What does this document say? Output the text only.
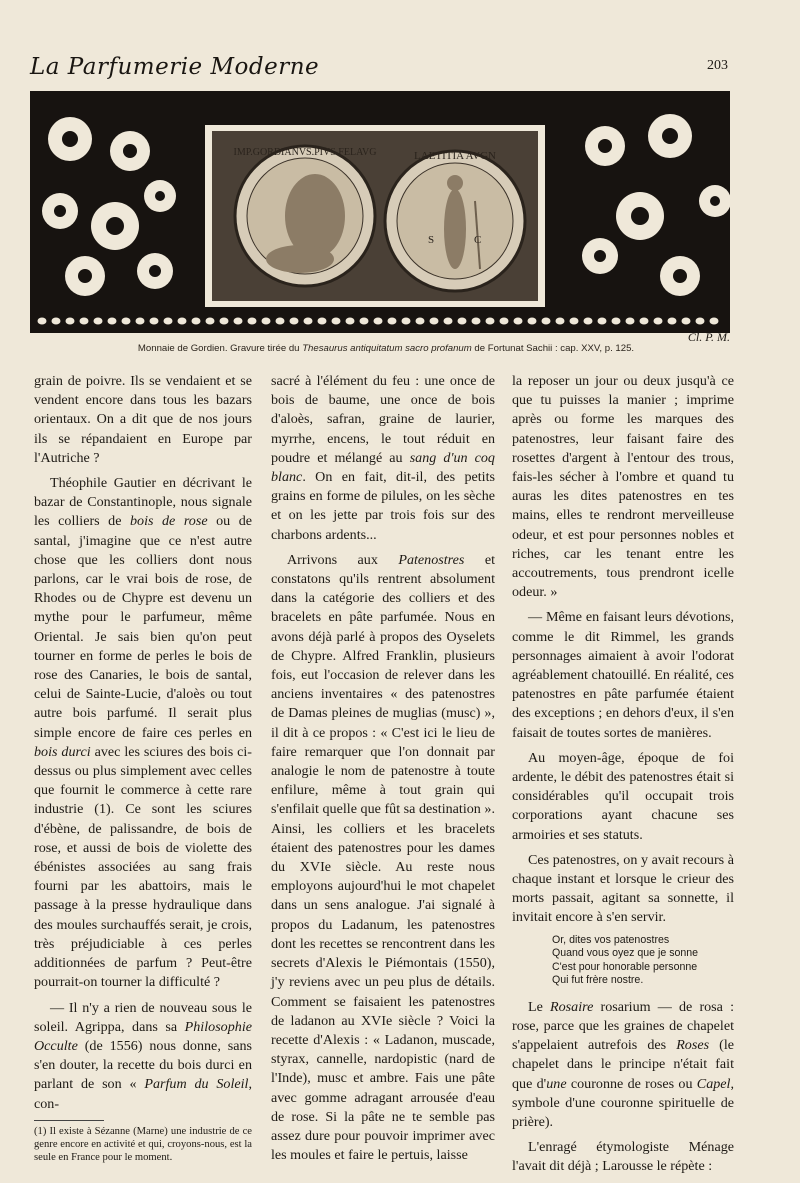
La Parfumerie Moderne	203
IMP.GORDIANVS.PIVS.FELAVG	LAETITIA AVGN
S	C
Cl. P. M.
Monnaie de Gordien. Gravure tirée du Thesaurus antiquitatum sacro profanum de Fortunat Sachii : cap. XXV, p. 125.

grain de poivre. Ils se vendaient et se vendent encore dans tous les bazars orientaux. On a dit que de nos jours ils se répandaient en Europe par l'Autriche ?

Théophile Gautier en décrivant le bazar de Constantinople, nous signale les colliers de bois de rose ou de santal, j'imagine que ce n'est autre chose que les colliers dont nous parlons, car le vrai bois de rose, de Rhodes ou de Chypre est devenu un mythe pour le parfumeur, même Oriental. Je sais bien qu'on peut tourner en forme de perles le bois de rose des Canaries, le bois de santal, celui de Sainte-Lucie, d'aloès ou tout autre bois parfumé. Il serait plus simple encore de faire ces perles en bois durci avec les sciures des bois ci-dessus ou plus simplement avec celles que fournit le commerce à cette rare industrie (1). Ce sont les sciures d'ébène, de palissandre, de bois de rose, et aussi de bois de violette des ébénistes associées au sang frais fourni par les abattoirs, mais le passage à la presse hydraulique dans des moules surchauffés serait, je crois, très préjudiciable à ces perles additionnées de parfum ? Peut-être pourrait-on tourner la difficulté ?

— Il n'y a rien de nouveau sous le soleil. Agrippa, dans sa Philosophie Occulte (de 1556) nous donne, sans s'en douter, la recette du bois durci en parlant de son « Parfum du Soleil, con-

(1) Il existe à Sézanne (Marne) une industrie de ce genre encore en activité et qui, croyons-nous, est la seule en France pour le moment.

sacré à l'élément du feu : une once de bois de baume, une once de bois d'aloès, safran, graine de laurier, myrrhe, encens, le tout réduit en poudre et mélangé au sang d'un coq blanc. On en fait, dit-il, des petits grains en forme de pilules, on les sèche et on les jette par trois fois sur des charbons ardents...

Arrivons aux Patenostres et constatons qu'ils rentrent absolument dans la catégorie des colliers et des bracelets en pâte parfumée. Nous en avons déjà parlé à propos des Oyselets de Chypre. Alfred Franklin, plusieurs fois, eut l'occasion de relever dans les anciens inventaires « des patenostres de Damas pleines de muglias (musc) », il dit à ce propos : « C'est ici le lieu de faire remarquer que l'on donnait par analogie le nom de patenostre à toute enfilure, même à tout grain qui s'enfilait quelle que fût sa destination ». Ainsi, les colliers et les bracelets étaient des patenostres pour les dames du XVIe siècle. Au reste nous employons aujourd'hui le mot chapelet dans un sens analogue. J'ai signalé à propos du Ladanum, les patenostres dont les recettes se rencontrent dans les secrets d'Alexis le Piémontais (1550), j'y reviens avec un peu plus de détails. Comment se faisaient les patenostres de ladanon au XVIe siècle ? Voici la recette d'Alexis : « Ladanon, muscade, styrax, cannelle, nardopistic (nard de l'Inde), musc et ambre. Fais une pâte avec gomme adragant arrousée d'eau de rose. Si la pâte ne te semble pas assez dure pour pouvoir imprimer avec les moules et faire le pertuis, laisse

la reposer un jour ou deux jusqu'à ce que tu puisses la manier ; imprime après ou forme les marques des patenostres, leur faisant faire des rosettes d'argent à l'entour des trous, fais-les sécher à l'ombre et quand tu auras les dites patenostres en tes mains, elles te rendront merveilleuse odeur, et est pour personnes nobles et riches, car les tenant entre les accoutrements, tous prendront icelle odeur. »

— Même en faisant leurs dévotions, comme le dit Rimmel, les grands personnages aimaient à avoir l'odorat agréablement chatouillé. En réalité, ces patenostres en pâte parfumée étaient des exceptions ; en dehors d'eux, il s'en faisait de toutes sortes de manières.

Au moyen-âge, époque de foi ardente, le débit des patenostres était si considérables qu'il occupait trois corporations ayant chacune ses armoiries et ses statuts.

Ces patenostres, on y avait recours à chaque instant et lorsque le crieur des morts passait, agitant sa sonnette, il invitait encore à s'en servir.

Or, dites vos patenostres
Quand vous oyez que je sonne
C'est pour honorable personne
Qui fut frère nostre.

Le Rosaire rosarium — de rosa : rose, parce que les graines de chapelet s'appelaient autrefois des Roses (le chapelet dans le principe n'était fait que d'une couronne de roses ou Capel, symbole d'une couronne spirituelle de prière).

L'enragé étymologiste Ménage l'avait dit déjà ; Larousse le répète :
